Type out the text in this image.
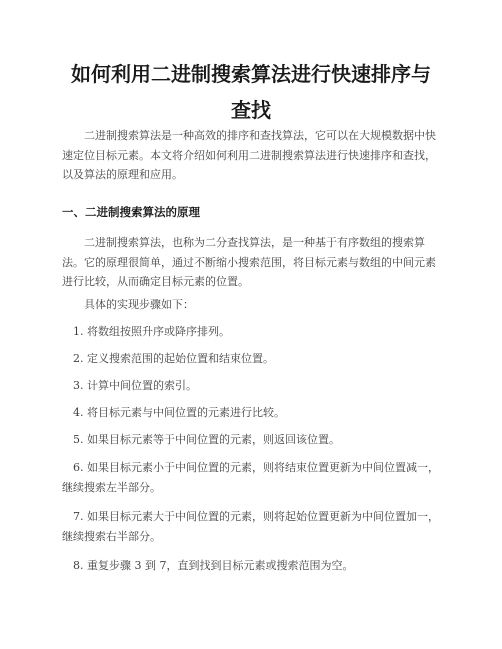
如何利用二进制搜索算法进行快速排序与查找

二进制搜索算法是一种高效的排序和查找算法，它可以在大规模数据中快速定位目标元素。本文将介绍如何利用二进制搜索算法进行快速排序和查找，以及算法的原理和应用。

一、二进制搜索算法的原理

二进制搜索算法，也称为二分查找算法，是一种基于有序数组的搜索算法。它的原理很简单，通过不断缩小搜索范围，将目标元素与数组的中间元素进行比较，从而确定目标元素的位置。

具体的实现步骤如下：

1. 将数组按照升序或降序排列。

2. 定义搜索范围的起始位置和结束位置。

3. 计算中间位置的索引。

4. 将目标元素与中间位置的元素进行比较。

5. 如果目标元素等于中间位置的元素，则返回该位置。

6. 如果目标元素小于中间位置的元素，则将结束位置更新为中间位置减一，继续搜索左半部分。

7. 如果目标元素大于中间位置的元素，则将起始位置更新为中间位置加一，继续搜索右半部分。

8. 重复步骤 3 到 7，直到找到目标元素或搜索范围为空。
